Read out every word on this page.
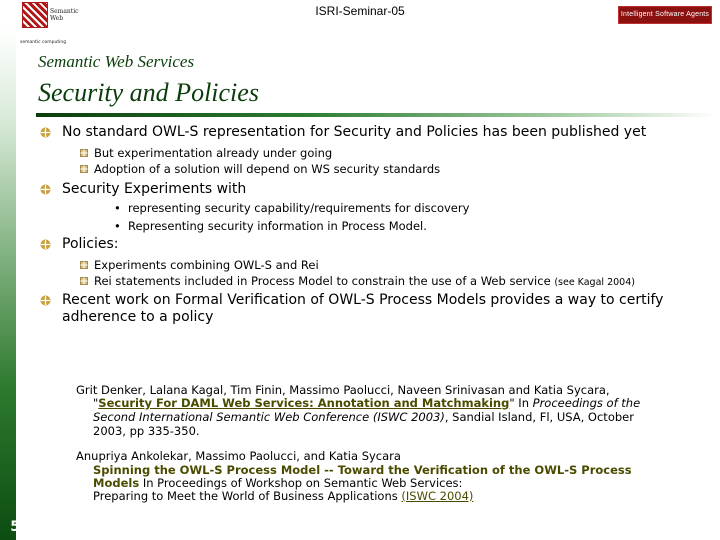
Semantic
Web
semantic computing
ISRI-Seminar-05	Intelligent Software Agents
Semantic Web Services
Security and Policies
No standard OWL-S representation for Security and Policies has been published yet
But experimentation already under going
Adoption of a solution will depend on WS security standards
Security Experiments with
• representing security capability/requirements for discovery
• Representing security information in Process Model.
Policies:
Experiments combining OWL-S and Rei
Rei statements included in Process Model to constrain the use of a Web service (see Kagal 2004)
Recent work on Formal Verification of OWL-S Process Models provides a way to certify
adherence to a policy
Grit Denker, Lalana Kagal, Tim Finin, Massimo Paolucci, Naveen Srinivasan and Katia Sycara,
"Security For DAML Web Services: Annotation and Matchmaking" In Proceedings of the
Second International Semantic Web Conference (ISWC 2003), Sandial Island, Fl, USA, October
2003, pp 335-350.
Anupriya Ankolekar, Massimo Paolucci, and Katia Sycara
Spinning the OWL-S Process Model -- Toward the Verification of the OWL-S Process
Models In Proceedings of Workshop on Semantic Web Services:
Preparing to Meet the World of Business Applications (ISWC 2004)
57
